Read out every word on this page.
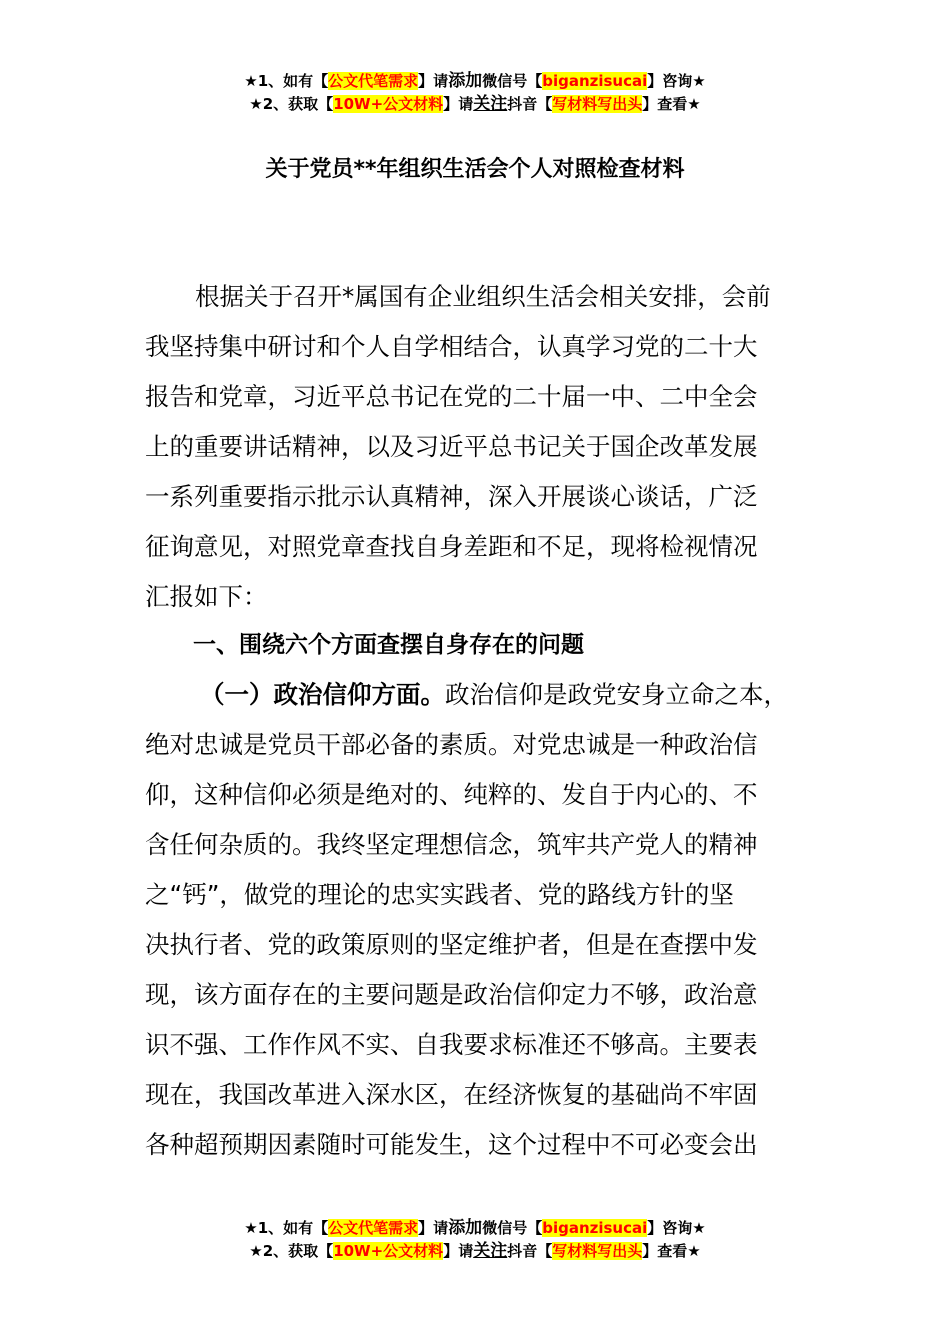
★1、如有【公文代笔需求】请添加微信号【biganzisucai】咨询★
★2、获取【10W+公文材料】请关注抖音【写材料写出头】查看★
关于党员**年组织生活会个人对照检查材料
根据关于召开*属国有企业组织生活会相关安排，会前
我坚持集中研讨和个人自学相结合，认真学习党的二十大
报告和党章，习近平总书记在党的二十届一中、二中全会
上的重要讲话精神，以及习近平总书记关于国企改革发展
一系列重要指示批示认真精神，深入开展谈心谈话，广泛
征询意见，对照党章查找自身差距和不足，现将检视情况
汇报如下：
一、围绕六个方面查摆自身存在的问题
（一）政治信仰方面。政治信仰是政党安身立命之本，
绝对忠诚是党员干部必备的素质。对党忠诚是一种政治信
仰，这种信仰必须是绝对的、纯粹的、发自于内心的、不
含任何杂质的。我终坚定理想信念，筑牢共产党人的精神
之“钙”，做党的理论的忠实实践者、党的路线方针的坚
决执行者、党的政策原则的坚定维护者，但是在查摆中发
现，该方面存在的主要问题是政治信仰定力不够，政治意
识不强、工作作风不实、自我要求标准还不够高。主要表
现在，我国改革进入深水区，在经济恢复的基础尚不牢固
各种超预期因素随时可能发生，这个过程中不可必变会出
★1、如有【公文代笔需求】请添加微信号【biganzisucai】咨询★
★2、获取【10W+公文材料】请关注抖音【写材料写出头】查看★
